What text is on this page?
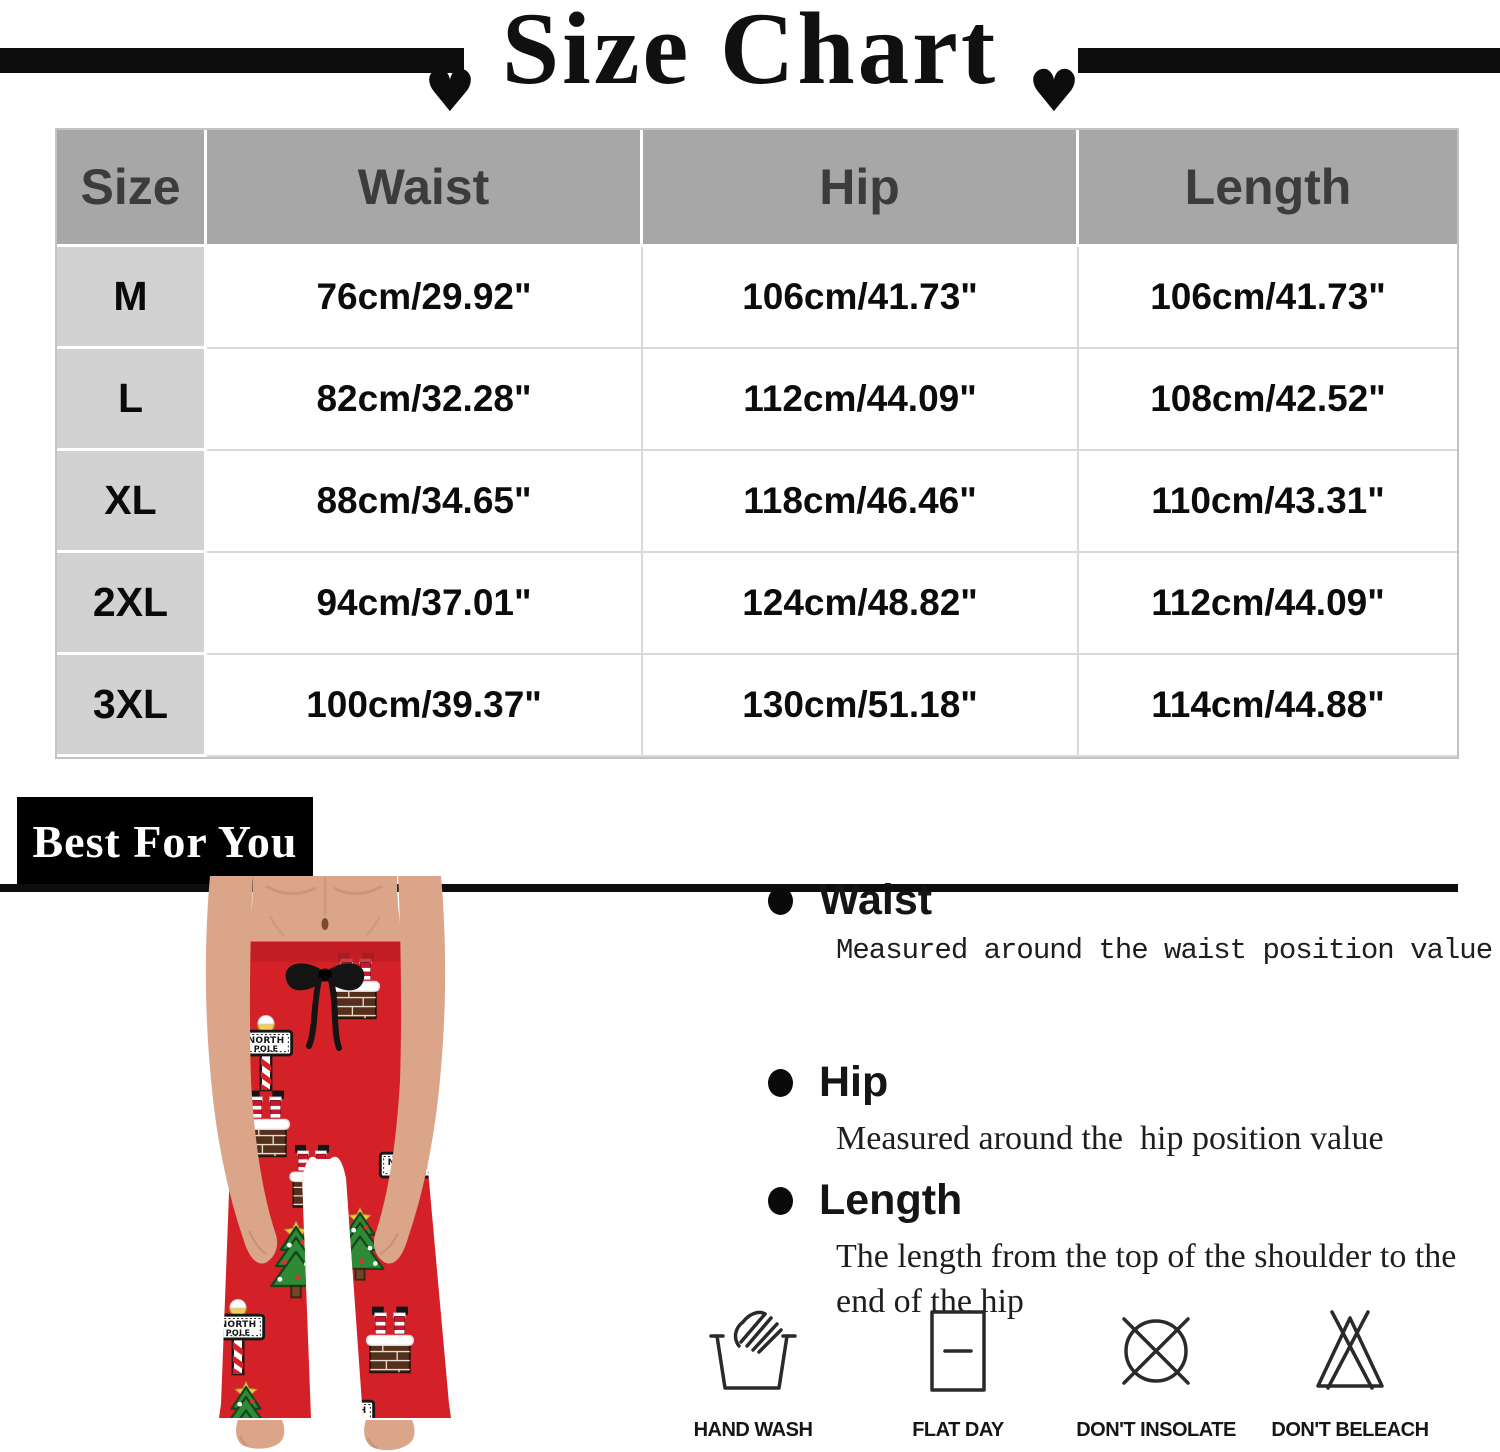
♥	♥
Size Chart
Size	Waist	Hip	Length
M	76cm/29.92"	106cm/41.73"	106cm/41.73"
L	82cm/32.28"	112cm/44.09"	108cm/42.52"
XL	88cm/34.65"	118cm/46.46"	110cm/43.31"
2XL	94cm/37.01"	124cm/48.82"	112cm/44.09"
3XL	100cm/39.37"	130cm/51.18"	114cm/44.88"
Best For You
Waist
Measured around the waist position value
Hip
Measured around the  hip position value
Length
The length from the top of the shoulder to the end of the hip
HAND WASH	FLAT DAY	DON'T INSOLATE DON'T BELEACH
